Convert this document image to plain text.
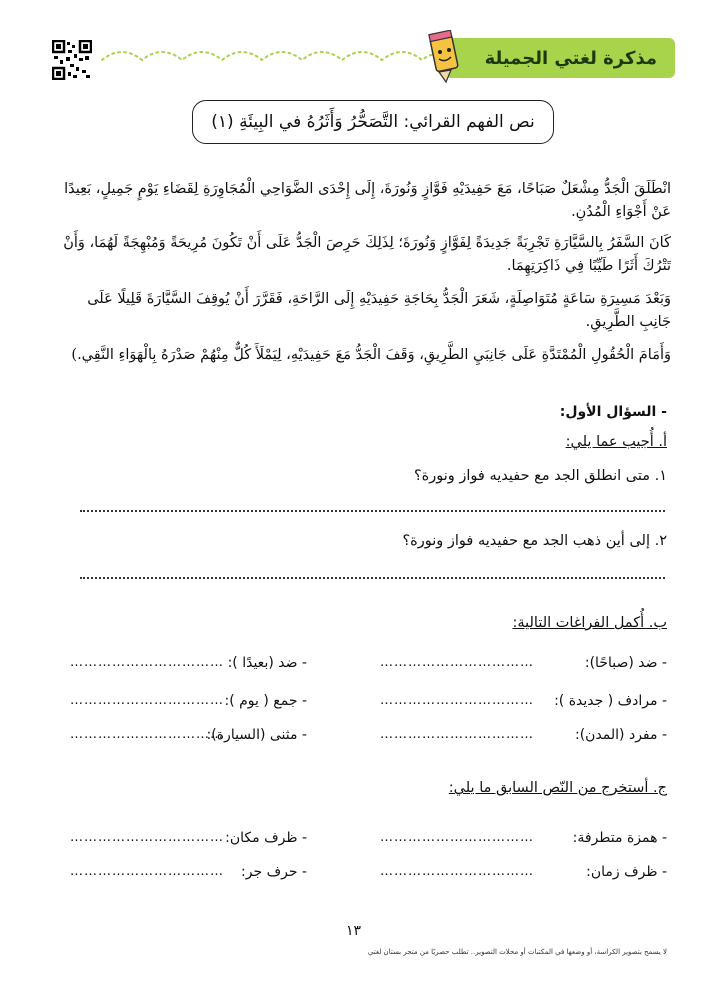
مذكرة لغتي الجميلة
نص الفهم القرائي: التَّصَحُّرُ وَأَثَرُهُ في البِيئَةِ (١)
انْطَلَقَ الْجَدُّ مِشْعَلٌ صَبَاحًا، مَعَ حَفِيدَيْهِ فَوَّازٍ وَنُورَةَ، إِلَى إِحْدَى الضَّوَاحِي الْمُجَاوِرَةِ لِقَضَاءِ يَوْمٍ جَمِيلٍ، بَعِيدًا عَنْ أَجْوَاءِ الْمُدُنِ.
كَانَ السَّفَرُ بِالسَّيَّارَةِ تَجْرِبَةً جَدِيدَةً لِفَوَّازٍ وَنُورَةَ؛ لِذَلِكَ حَرِصَ الْجَدُّ عَلَى أَنْ تَكُونَ مُرِيحَةً وَمُبْهِجَةً لَهُمَا، وَأَنْ تَتْرُكَ أَثَرًا طَيِّبًا فِي ذَاكِرَتِهِمَا.
وَبَعْدَ مَسِيرَةِ سَاعَةٍ مُتَوَاصِلَةٍ، شَعَرَ الْجَدُّ بِحَاجَةِ حَفِيدَيْهِ إِلَى الرَّاحَةِ، فَقَرَّرَ أَنْ يُوقِفَ السَّيَّارَةَ قَلِيلًا عَلَى جَانِبِ الطَّرِيقِ.
وَأَمَامَ الْحُقُولِ الْمُمْتَدَّةِ عَلَى جَانِبَيِ الطَّرِيقِ، وَقَفَ الْجَدُّ مَعَ حَفِيدَيْهِ، لِيَمْلَأَ كُلٌّ مِنْهُمْ صَدْرَهُ بِالْهَوَاءِ النَّقِي.)
- السؤال الأول:
أ. أُجيب عما يلي:
١. متى انطلق الجد مع حفيديه فواز ونورة؟
٢. إلى أين ذهب الجد مع حفيديه فواز ونورة؟
ب. أُكمل الفراغات التالية:
- ضد (صباحًا):
……………………………
- ضد (بعيدًا ):
……………………………
- مرادف ( جديدة ):
……………………………
- جمع ( يوم ):
……………………………
- مفرد (المدن):
……………………………
- مثنى (السيارة):
……………………………
ج. أستخرج من النّص السابق ما يلي:
- همزة متطرفة:
……………………………
- ظرف مكان:
……………………………
- ظرف زمان:
……………………………
- حرف جر:
……………………………
١٣
لا يسمح بتصوير الكراسة، أو وضعها في المكتبات أو محلات التصوير.. تطلب حصريًا من متجر بستان لغتي
